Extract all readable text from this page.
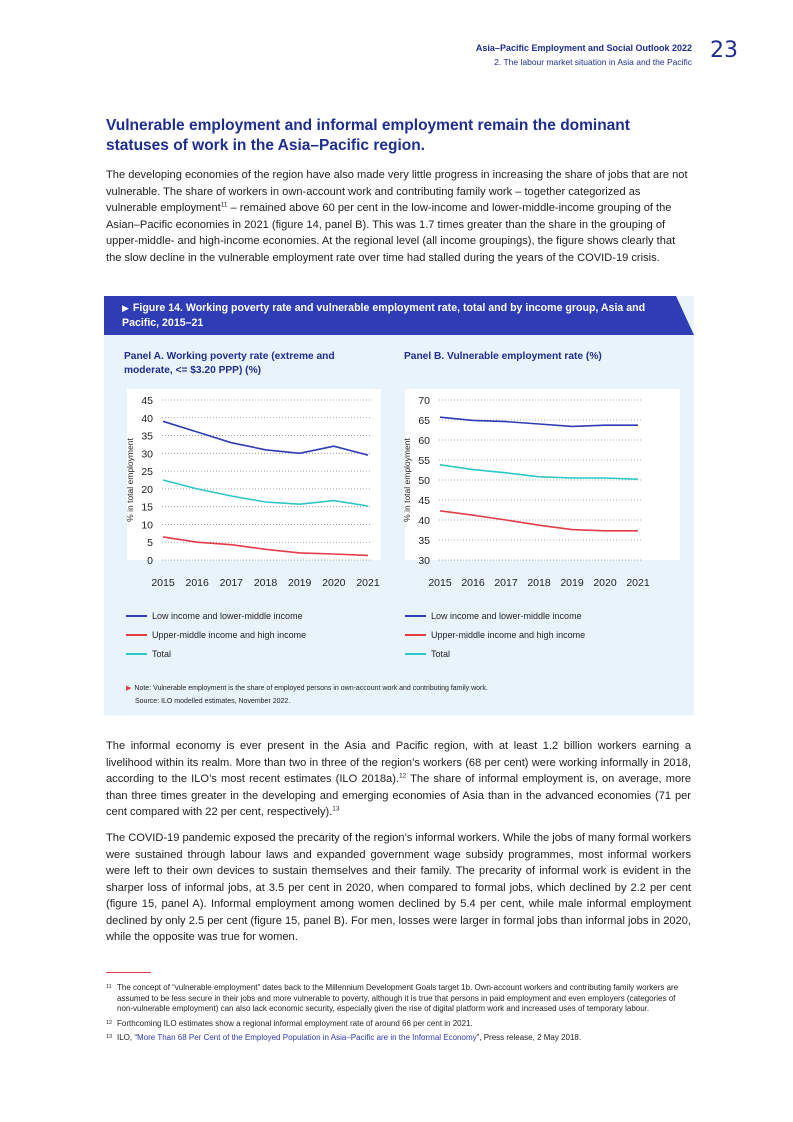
Asia–Pacific Employment and Social Outlook 2022
2. The labour market situation in Asia and the Pacific 23
Vulnerable employment and informal employment remain the dominant statuses of work in the Asia–Pacific region.
The developing economies of the region have also made very little progress in increasing the share of jobs that are not vulnerable. The share of workers in own-account work and contributing family work – together categorized as vulnerable employment$^{11}$ – remained above 60 per cent in the low-income and lower-middle-income grouping of the Asian–Pacific economies in 2021 (figure 14, panel B). This was 1.7 times greater than the share in the grouping of upper-middle- and high-income economies. At the regional level (all income groupings), the figure shows clearly that the slow decline in the vulnerable employment rate over time had stalled during the years of the COVID-19 crisis.
▶ Figure 14. Working poverty rate and vulnerable employment rate, total and by income group, Asia and Pacific, 2015–21
Panel A. Working poverty rate (extreme and moderate, <= $3.20 PPP) (%)
Panel B. Vulnerable employment rate (%)
0
5
10
15
20
25
30
35
40
45
2015 2016 2017 2018 2019 2020 2021
% in total employment
30
35
40
45
50
55
60
65
70
2015 2016 2017 2018 2019 2020 2021
% in total employment
Low income and lower-middle income
Upper-middle income and high income
Total
Low income and lower-middle income
Upper-middle income and high income
Total
▶ Note: Vulnerable employment is the share of employed persons in own-account work and contributing family work.
Source: ILO modelled estimates, November 2022.
The informal economy is ever present in the Asia and Pacific region, with at least 1.2 billion workers earning a livelihood within its realm. More than two in three of the region’s workers (68 per cent) were working informally in 2018, according to the ILO’s most recent estimates (ILO 2018a).$^{12}$ The share of informal employment is, on average, more than three times greater in the developing and emerging economies of Asia than in the advanced economies (71 per cent compared with 22 per cent, respectively).$^{13}$
The COVID-19 pandemic exposed the precarity of the region’s informal workers. While the jobs of many formal workers were sustained through labour laws and expanded government wage subsidy programmes, most informal workers were left to their own devices to sustain themselves and their family. The precarity of informal work is evident in the sharper loss of informal jobs, at 3.5 per cent in 2020, when compared to formal jobs, which declined by 2.2 per cent (figure 15, panel A). Informal employment among women declined by 5.4 per cent, while male informal employment declined by only 2.5 per cent (figure 15, panel B). For men, losses were larger in formal jobs than informal jobs in 2020, while the opposite was true for women.
11 The concept of “vulnerable employment” dates back to the Millennium Development Goals target 1b. Own-account workers and contributing family workers are assumed to be less secure in their jobs and more vulnerable to poverty, although it is true that persons in paid employment and even employers (categories of non-vulnerable employment) can also lack economic security, especially given the rise of digital platform work and increased uses of temporary labour.
12 Forthcoming ILO estimates show a regional informal employment rate of around 66 per cent in 2021.
13 ILO, “More Than 68 Per Cent of the Employed Population in Asia–Pacific are in the Informal Economy”, Press release, 2 May 2018.
